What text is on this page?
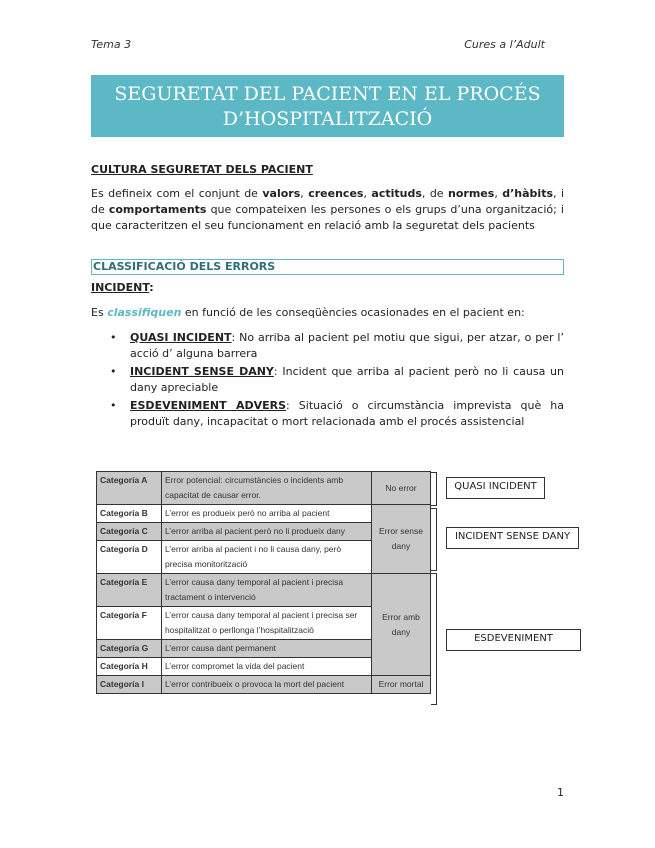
Tema 3	Cures a l’Adult
SEGURETAT DEL PACIENT EN EL PROCÉS
D’HOSPITALITZACIÓ
CULTURA SEGURETAT DELS PACIENT
Es defineix com el conjunt de valors, creences, actituds, de normes, d’hàbits, i de comportaments que compateixen les persones o els grups d’una organització; i que caracteritzen el seu funcionament en relació amb la seguretat dels pacients
CLASSIFICACIÓ DELS ERRORS
INCIDENT:
Es classifiquen en funció de les conseqüències ocasionades en el pacient en:
• QUASI INCIDENT: No arriba al pacient pel motiu que sigui, per atzar, o per l’ acció d’ alguna barrera
• INCIDENT SENSE DANY: Incident que arriba al pacient però no li causa un dany apreciable
• ESDEVENIMENT ADVERS: Situació o circumstància imprevista què ha produït dany, incapacitat o mort relacionada amb el procés assistencial
Categoría A	Error potencial: circumstàncies o incidents amb capacitat de causar error.	No error
Categoría B	L’error es produeix però no arriba al pacient	Error sense dany
Categoría C	L’error arriba al pacient però no li produeix dany	
Categoría D	L’error arriba al pacient i no li causa dany, però precisa monitorització	
Categoría E	L’error causa dany temporal al pacient i precisa tractament o intervenció	Error amb dany
Categoría F	L’error causa dany temporal al pacient i precisa ser hospitalitzat o perllonga l’hospitalització	
Categoría G	L’error causa dant permanent	
Categoría H	L’error compromet la vida del pacient	
Categoría I	L’error contribueix o provoca la mort del pacient	Error mortal
QUASI INCIDENT
INCIDENT SENSE DANY
ESDEVENIMENT
1
